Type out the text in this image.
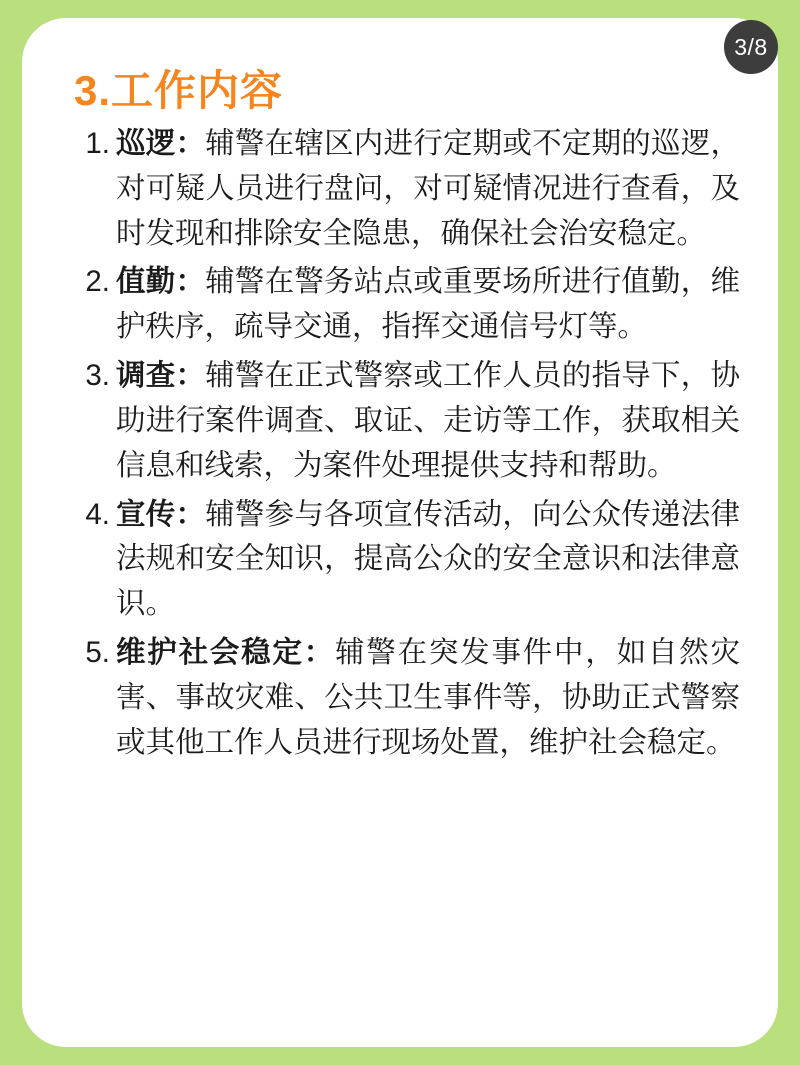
3.工作内容
巡逻：辅警在辖区内进行定期或不定期的巡逻，对可疑人员进行盘问，对可疑情况进行查看，及时发现和排除安全隐患，确保社会治安稳定。
值勤：辅警在警务站点或重要场所进行值勤，维护秩序，疏导交通，指挥交通信号灯等。
调查：辅警在正式警察或工作人员的指导下，协助进行案件调查、取证、走访等工作，获取相关信息和线索，为案件处理提供支持和帮助。
宣传：辅警参与各项宣传活动，向公众传递法律法规和安全知识，提高公众的安全意识和法律意识。
维护社会稳定：辅警在突发事件中，如自然灾害、事故灾难、公共卫生事件等，协助正式警察或其他工作人员进行现场处置，维护社会稳定。
3/8
